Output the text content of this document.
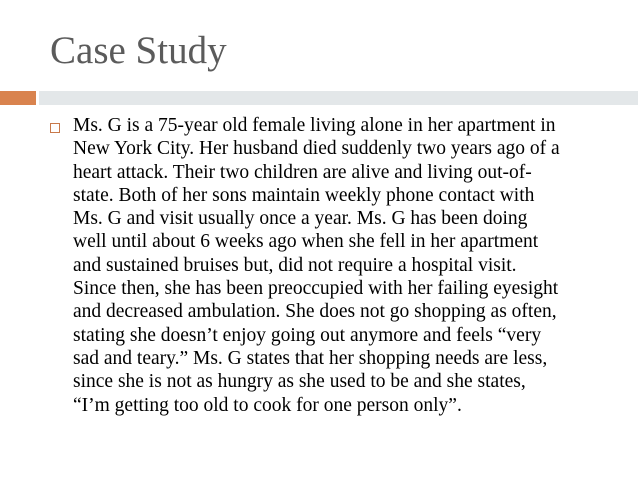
Case Study

Ms. G is a 75-year old female living alone in her apartment in
New York City. Her husband died suddenly two years ago of a
heart attack. Their two children are alive and living out-of-
state. Both of her sons maintain weekly phone contact with
Ms. G and visit usually once a year. Ms. G has been doing
well until about 6 weeks ago when she fell in her apartment
and sustained bruises but, did not require a hospital visit.
Since then, she has been preoccupied with her failing eyesight
and decreased ambulation. She does not go shopping as often,
stating she doesn’t enjoy going out anymore and feels “very
sad and teary.” Ms. G states that her shopping needs are less,
since she is not as hungry as she used to be and she states,
“I’m getting too old to cook for one person only”.
